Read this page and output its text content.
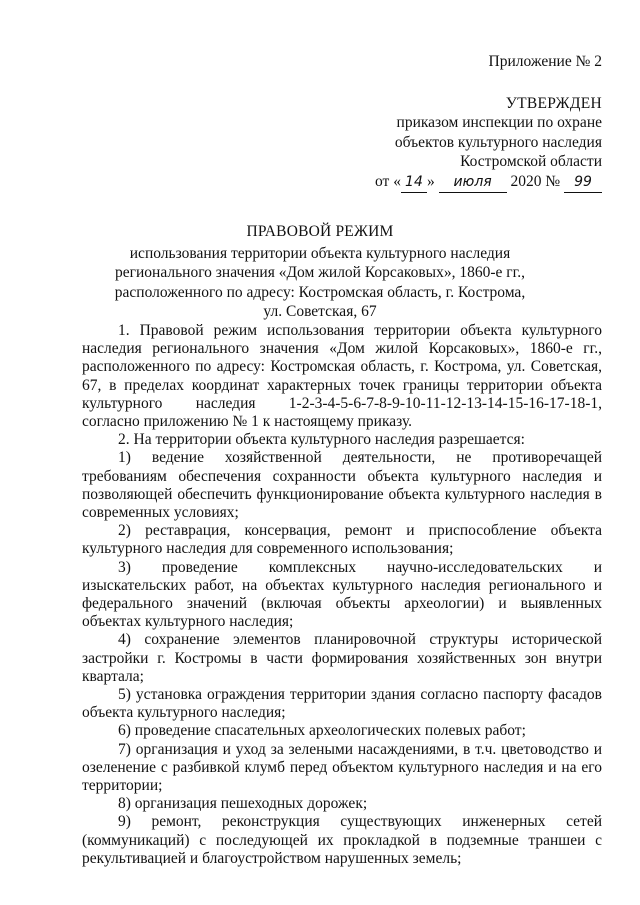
Приложение № 2
УТВЕРЖДЕН
приказом инспекции по охране
объектов культурного наследия
Костромской области
от « 14 » июля 2020 № 99
ПРАВОВОЙ РЕЖИМ
использования территории объекта культурного наследия
регионального значения «Дом жилой Корсаковых», 1860-е гг.,
расположенного по адресу: Костромская область, г. Кострома,
ул. Советская, 67

1. Правовой режим использования территории объекта культурного наследия регионального значения «Дом жилой Корсаковых», 1860-е гг., расположенного по адресу: Костромская область, г. Кострома, ул. Советская, 67, в пределах координат характерных точек границы территории объекта культурного наследия 1-2-3-4-5-6-7-8-9-10-11-12-13-14-15-16-17-18-1, согласно приложению № 1 к настоящему приказу.

2. На территории объекта культурного наследия разрешается:

1) ведение хозяйственной деятельности, не противоречащей требованиям обеспечения сохранности объекта культурного наследия и позволяющей обеспечить функционирование объекта культурного наследия в современных условиях;

2) реставрация, консервация, ремонт и приспособление объекта культурного наследия для современного использования;

3) проведение комплексных научно-исследовательских и изыскательских работ, на объектах культурного наследия регионального и федерального значений (включая объекты археологии) и выявленных объектах культурного наследия;

4) сохранение элементов планировочной структуры исторической застройки г. Костромы в части формирования хозяйственных зон внутри квартала;

5) установка ограждения территории здания согласно паспорту фасадов объекта культурного наследия;

6) проведение спасательных археологических полевых работ;

7) организация и уход за зелеными насаждениями, в т.ч. цветоводство и озеленение с разбивкой клумб перед объектом культурного наследия и на его территории;

8) организация пешеходных дорожек;

9) ремонт, реконструкция существующих инженерных сетей (коммуникаций) с последующей их прокладкой в подземные траншеи с рекультивацией и благоустройством нарушенных земель;
